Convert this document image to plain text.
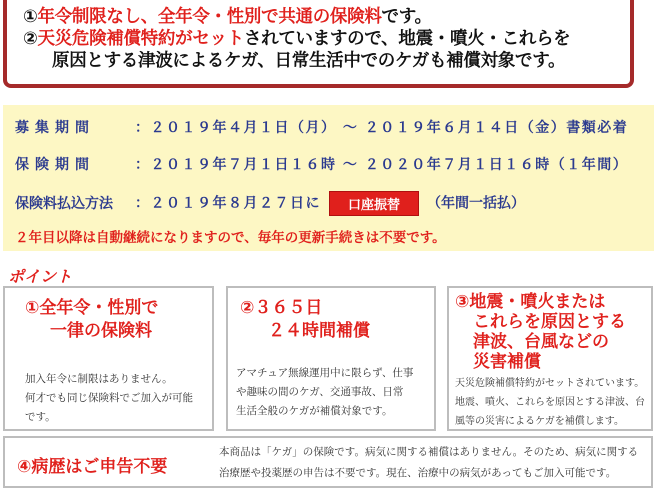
①年令制限なし、全年令・性別で共通の保険料です。
②天災危険補償特約がセットされていますので、地震・噴火・これらを
原因とする津波によるケガ、日常生活中でのケガも補償対象です。
募集期間	：２０１９年４月１日（月） 〜 ２０１９年６月１４日（金）書類必着
保険期間	：２０１９年７月１日１６時 〜 ２０２０年７月１日１６時（１年間）
保険料払込方法 ：２０１９年８月２７日に 口座振替 （年間一括払）
２年目以降は自動継続になりますので、毎年の更新手続きは不要です。
ポイント
①全年令・性別で
一律の保険料
加入年令に制限はありません。
何才でも同じ保険料でご加入が可能
です。
②３６５日
２４時間補償
アマチュア無線運用中に限らず、仕事
や趣味の間のケガ、交通事故、日常
生活全般のケガが補償対象です。
③地震・噴火または
これらを原因とする
津波、台風などの
災害補償
天災危険補償特約がセットされています。
地震、噴火、これらを原因とする津波、台
風等の災害によるケガを補償します。
④病歴はご申告不要
本商品は「ケガ」の保険です。病気に関する補償はありません。そのため、病気に関する
治療歴や投薬歴の申告は不要です。現在、治療中の病気があってもご加入可能です。
